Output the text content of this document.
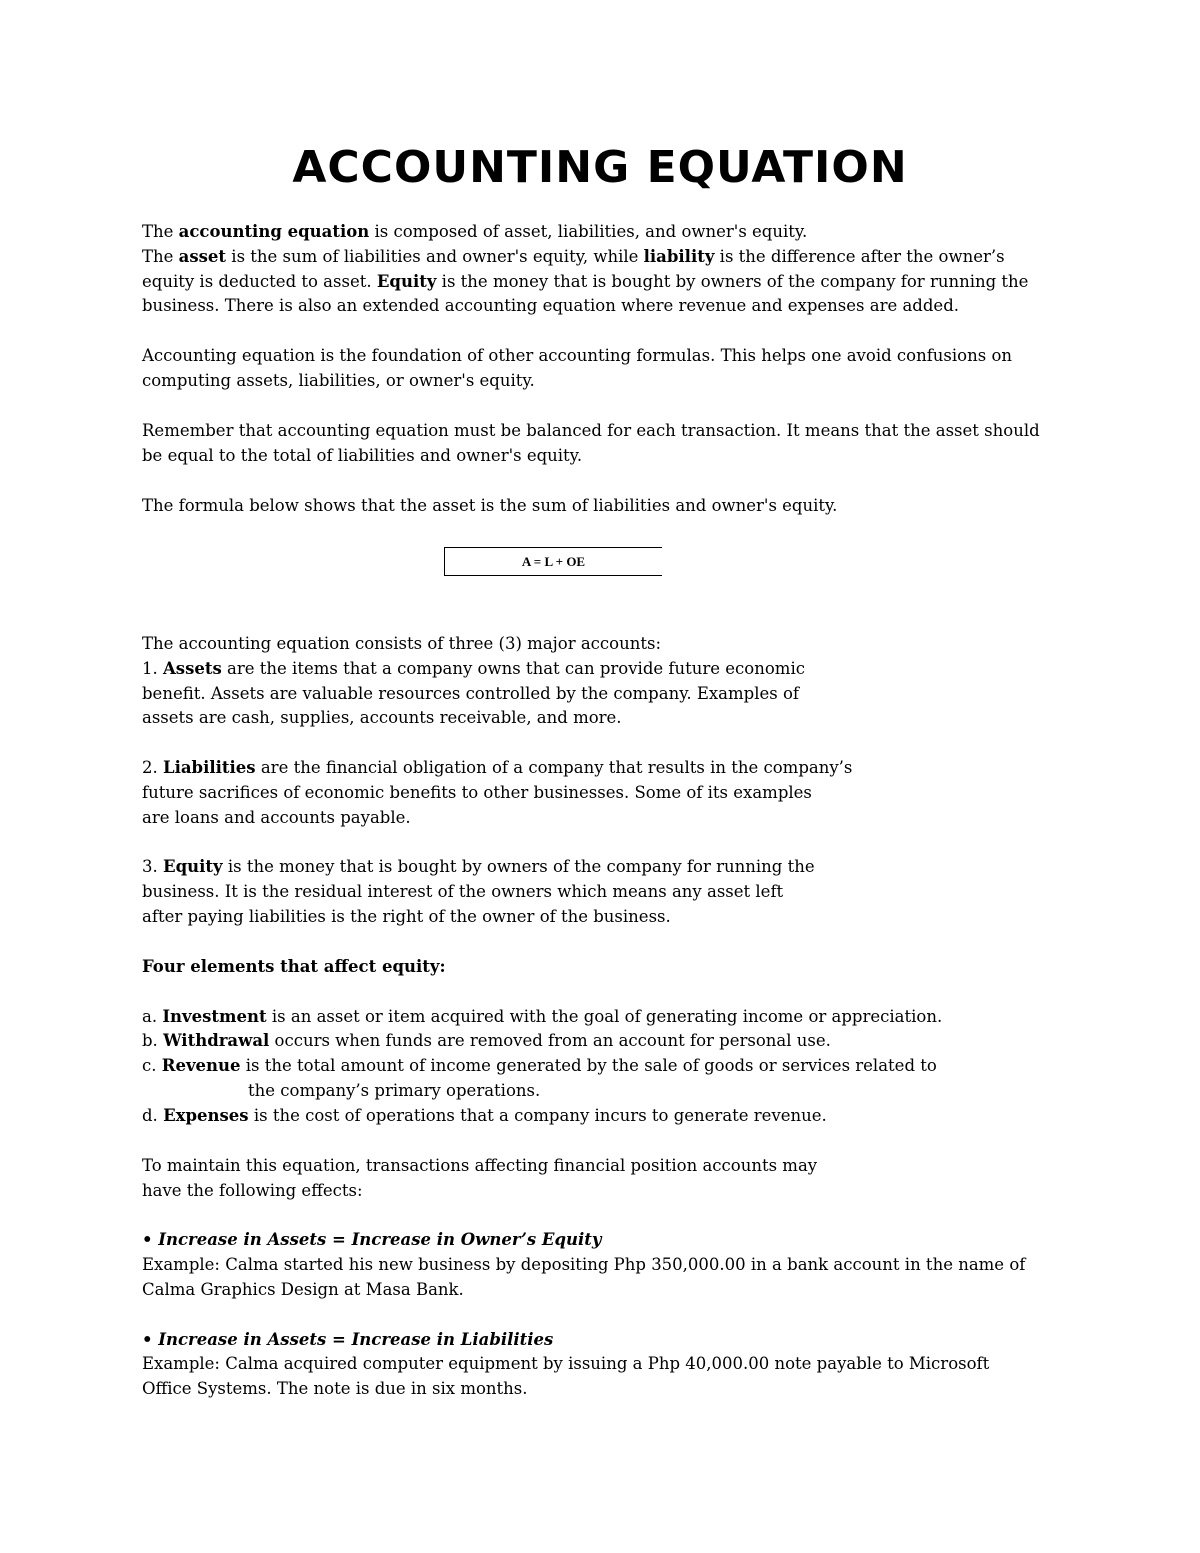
ACCOUNTING EQUATION
The accounting equation is composed of asset, liabilities, and owner's equity.
The asset is the sum of liabilities and owner's equity, while liability is the difference after the owner’s
equity is deducted to asset. Equity is the money that is bought by owners of the company for running the
business. There is also an extended accounting equation where revenue and expenses are added.
Accounting equation is the foundation of other accounting formulas. This helps one avoid confusions on
computing assets, liabilities, or owner's equity.
Remember that accounting equation must be balanced for each transaction. It means that the asset should
be equal to the total of liabilities and owner's equity.
The formula below shows that the asset is the sum of liabilities and owner's equity.
A = L + OE
The accounting equation consists of three (3) major accounts:
1. Assets are the items that a company owns that can provide future economic
benefit. Assets are valuable resources controlled by the company. Examples of
assets are cash, supplies, accounts receivable, and more.
2. Liabilities are the financial obligation of a company that results in the company’s
future sacrifices of economic benefits to other businesses. Some of its examples
are loans and accounts payable.
3. Equity is the money that is bought by owners of the company for running the
business. It is the residual interest of the owners which means any asset left
after paying liabilities is the right of the owner of the business.
Four elements that affect equity:
a. Investment is an asset or item acquired with the goal of generating income or appreciation.
b. Withdrawal occurs when funds are removed from an account for personal use.
c. Revenue is the total amount of income generated by the sale of goods or services related to
the company’s primary operations.
d. Expenses is the cost of operations that a company incurs to generate revenue.
To maintain this equation, transactions affecting financial position accounts may
have the following effects:
• Increase in Assets = Increase in Owner’s Equity
Example: Calma started his new business by depositing Php 350,000.00 in a bank account in the name of
Calma Graphics Design at Masa Bank.
• Increase in Assets = Increase in Liabilities
Example: Calma acquired computer equipment by issuing a Php 40,000.00 note payable to Microsoft
Office Systems. The note is due in six months.
